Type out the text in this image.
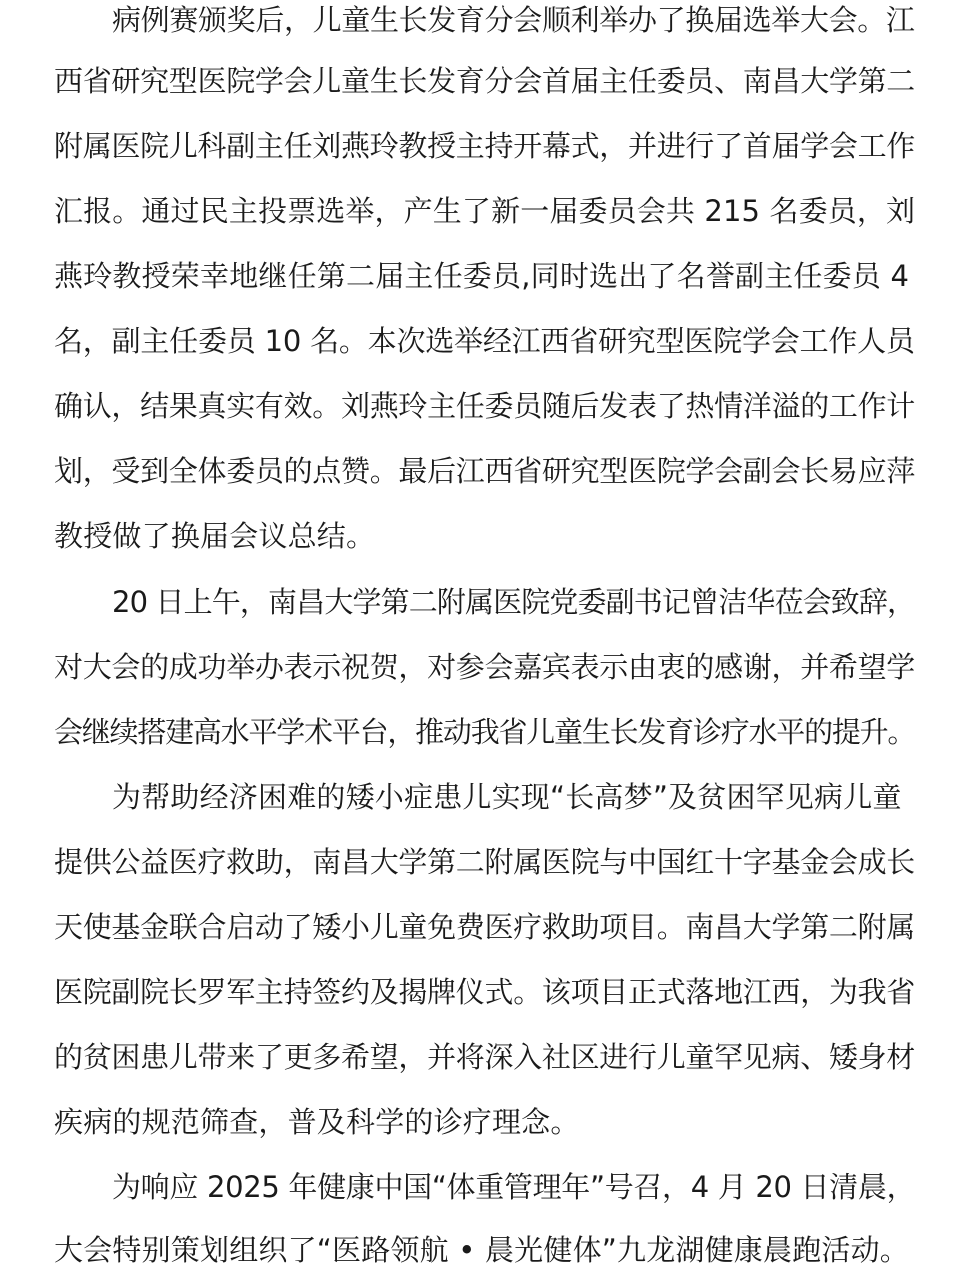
病例赛颁奖后，儿童生长发育分会顺利举办了换届选举大会。江
西省研究型医院学会儿童生长发育分会首届主任委员、南昌大学第二
附属医院儿科副主任刘燕玲教授主持开幕式，并进行了首届学会工作
汇报。通过民主投票选举，产生了新一届委员会共 215 名委员，刘
燕玲教授荣幸地继任第二届主任委员,同时选出了名誉副主任委员 4
名，副主任委员 10 名。本次选举经江西省研究型医院学会工作人员
确认，结果真实有效。刘燕玲主任委员随后发表了热情洋溢的工作计
划，受到全体委员的点赞。最后江西省研究型医院学会副会长易应萍
教授做了换届会议总结。
20 日上午，南昌大学第二附属医院党委副书记曾洁华莅会致辞，
对大会的成功举办表示祝贺，对参会嘉宾表示由衷的感谢，并希望学
会继续搭建高水平学术平台，推动我省儿童生长发育诊疗水平的提升。
为帮助经济困难的矮小症患儿实现“长高梦”及贫困罕见病儿童
提供公益医疗救助，南昌大学第二附属医院与中国红十字基金会成长
天使基金联合启动了矮小儿童免费医疗救助项目。南昌大学第二附属
医院副院长罗军主持签约及揭牌仪式。该项目正式落地江西，为我省
的贫困患儿带来了更多希望，并将深入社区进行儿童罕见病、矮身材
疾病的规范筛查，普及科学的诊疗理念。
为响应 2025 年健康中国“体重管理年”号召，4 月 20 日清晨，
大会特别策划组织了“医路领航 • 晨光健体”九龙湖健康晨跑活动。
